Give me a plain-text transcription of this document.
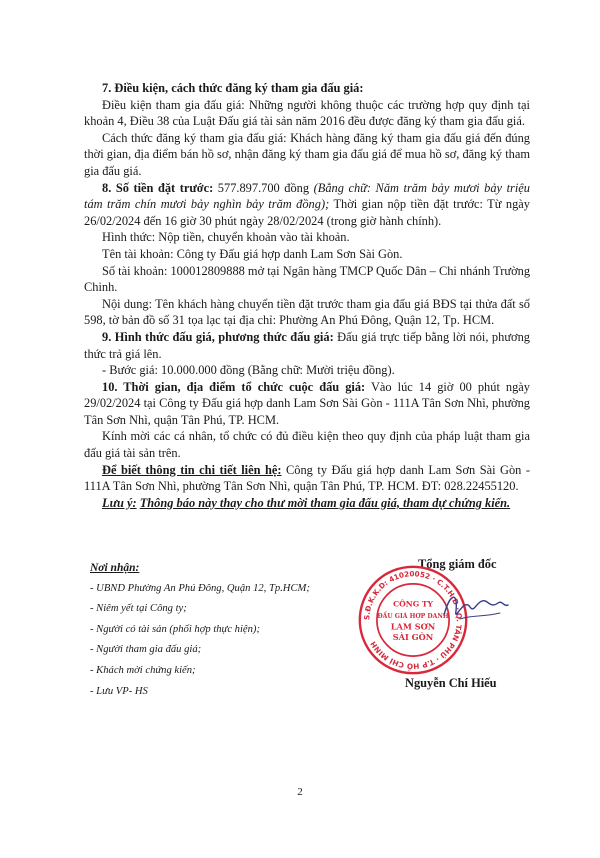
7. Điều kiện, cách thức đăng ký tham gia đấu giá:

Điều kiện tham gia đấu giá: Những người không thuộc các trường hợp quy định tại khoản 4, Điều 38 của Luật Đấu giá tài sản năm 2016 đều được đăng ký tham gia đấu giá.

Cách thức đăng ký tham gia đấu giá: Khách hàng đăng ký tham gia đấu giá đến đúng thời gian, địa điểm bán hồ sơ, nhận đăng ký tham gia đấu giá để mua hồ sơ, đăng ký tham gia đấu giá.

8. Số tiền đặt trước: 577.897.700 đồng (Bằng chữ: Năm trăm bảy mươi bảy triệu tám trăm chín mươi bảy nghìn bảy trăm đồng); Thời gian nộp tiền đặt trước: Từ ngày 26/02/2024 đến 16 giờ 30 phút ngày 28/02/2024 (trong giờ hành chính).

Hình thức: Nộp tiền, chuyển khoản vào tài khoản.

Tên tài khoản: Công ty Đấu giá hợp danh Lam Sơn Sài Gòn.

Số tài khoản: 100012809888 mở tại Ngân hàng TMCP Quốc Dân – Chi nhánh Trường Chinh.

Nội dung: Tên khách hàng chuyển tiền đặt trước tham gia đấu giá BĐS tại thửa đất số 598, tờ bản đồ số 31 tọa lạc tại địa chỉ: Phường An Phú Đông, Quận 12, Tp. HCM.

9. Hình thức đấu giá, phương thức đấu giá: Đấu giá trực tiếp bằng lời nói, phương thức trả giá lên.

- Bước giá: 10.000.000 đồng (Bằng chữ: Mười triệu đồng).

10. Thời gian, địa điểm tổ chức cuộc đấu giá: Vào lúc 14 giờ 00 phút ngày 29/02/2024 tại Công ty Đấu giá hợp danh Lam Sơn Sài Gòn - 111A Tân Sơn Nhì, phường Tân Sơn Nhì, quận Tân Phú, TP. HCM.

Kính mời các cá nhân, tổ chức có đủ điều kiện theo quy định của pháp luật tham gia đấu giá tài sản trên.

Để biết thông tin chi tiết liên hệ: Công ty Đấu giá hợp danh Lam Sơn Sài Gòn - 111A Tân Sơn Nhì, phường Tân Sơn Nhì, quận Tân Phú, TP. HCM. ĐT: 028.22455120.

Lưu ý: Thông báo này thay cho thư mời tham gia đấu giá, tham dự chứng kiến.

Nơi nhận:
- UBND Phường An Phú Đông, Quận 12, Tp.HCM;
- Niêm yết tại Công ty;
- Người có tài sản (phối hợp thực hiện);
- Người tham gia đấu giá;
- Khách mời chứng kiến;
- Lưu VP- HS
Tổng giám đốc
S.Đ.K.K.D: 41020052 · C.T.H.D · Q. TÂN PHÚ · T.P HỒ CHÍ MINH
CÔNG TY
ĐẤU GIÁ HỢP DANH
LAM SƠN
SÀI GÒN
Nguyễn Chí Hiếu
2
